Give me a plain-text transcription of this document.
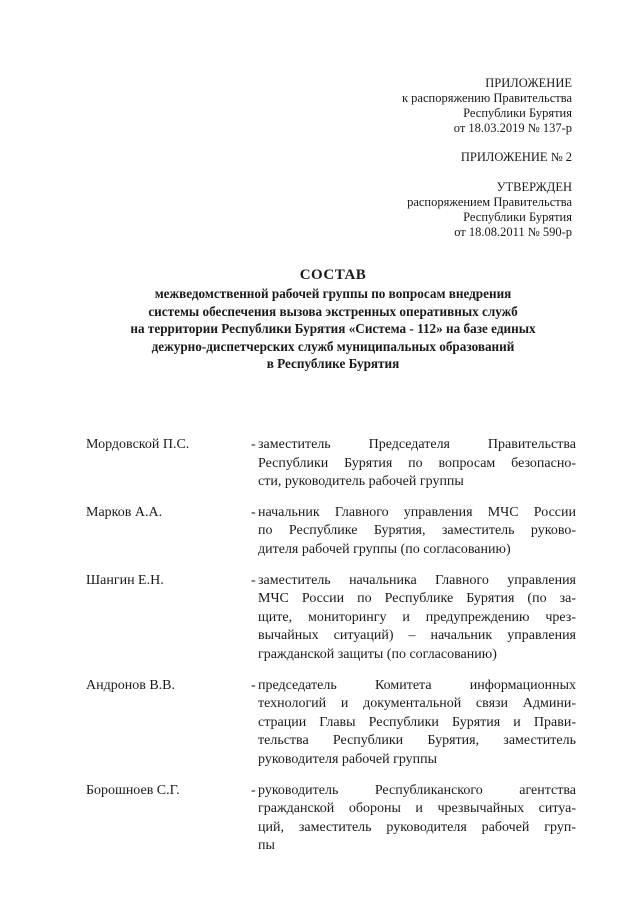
ПРИЛОЖЕНИЕ
к распоряжению Правительства
Республики Бурятия
от 18.03.2019 № 137-р
ПРИЛОЖЕНИЕ № 2
УТВЕРЖДЕН
распоряжением Правительства
Республики Бурятия
от 18.08.2011 № 590-р
СОСТАВ
межведомственной рабочей группы по вопросам внедрения
системы обеспечения вызова экстренных оперативных служб
на территории Республики Бурятия «Система - 112» на базе единых
дежурно-диспетчерских служб муниципальных образований
в Республике Бурятия
Мордовской П.С.	- заместитель Председателя Правительства
Республики Бурятия по вопросам безопасно-
сти, руководитель рабочей группы
Марков А.А.	- начальник Главного управления МЧС России
по Республике Бурятия, заместитель руково-
дителя рабочей группы (по согласованию)
Шангин Е.Н.	- заместитель начальника Главного управления
МЧС России по Республике Бурятия (по за-
щите, мониторингу и предупреждению чрез-
вычайных ситуаций) – начальник управления
гражданской защиты (по согласованию)
Андронов В.В.	- председатель Комитета информационных
технологий и документальной связи Админи-
страции Главы Республики Бурятия и Прави-
тельства Республики Бурятия, заместитель
руководителя рабочей группы
Борошноев С.Г.	- руководитель Республиканского агентства
гражданской обороны и чрезвычайных ситуа-
ций, заместитель руководителя рабочей груп-
пы
